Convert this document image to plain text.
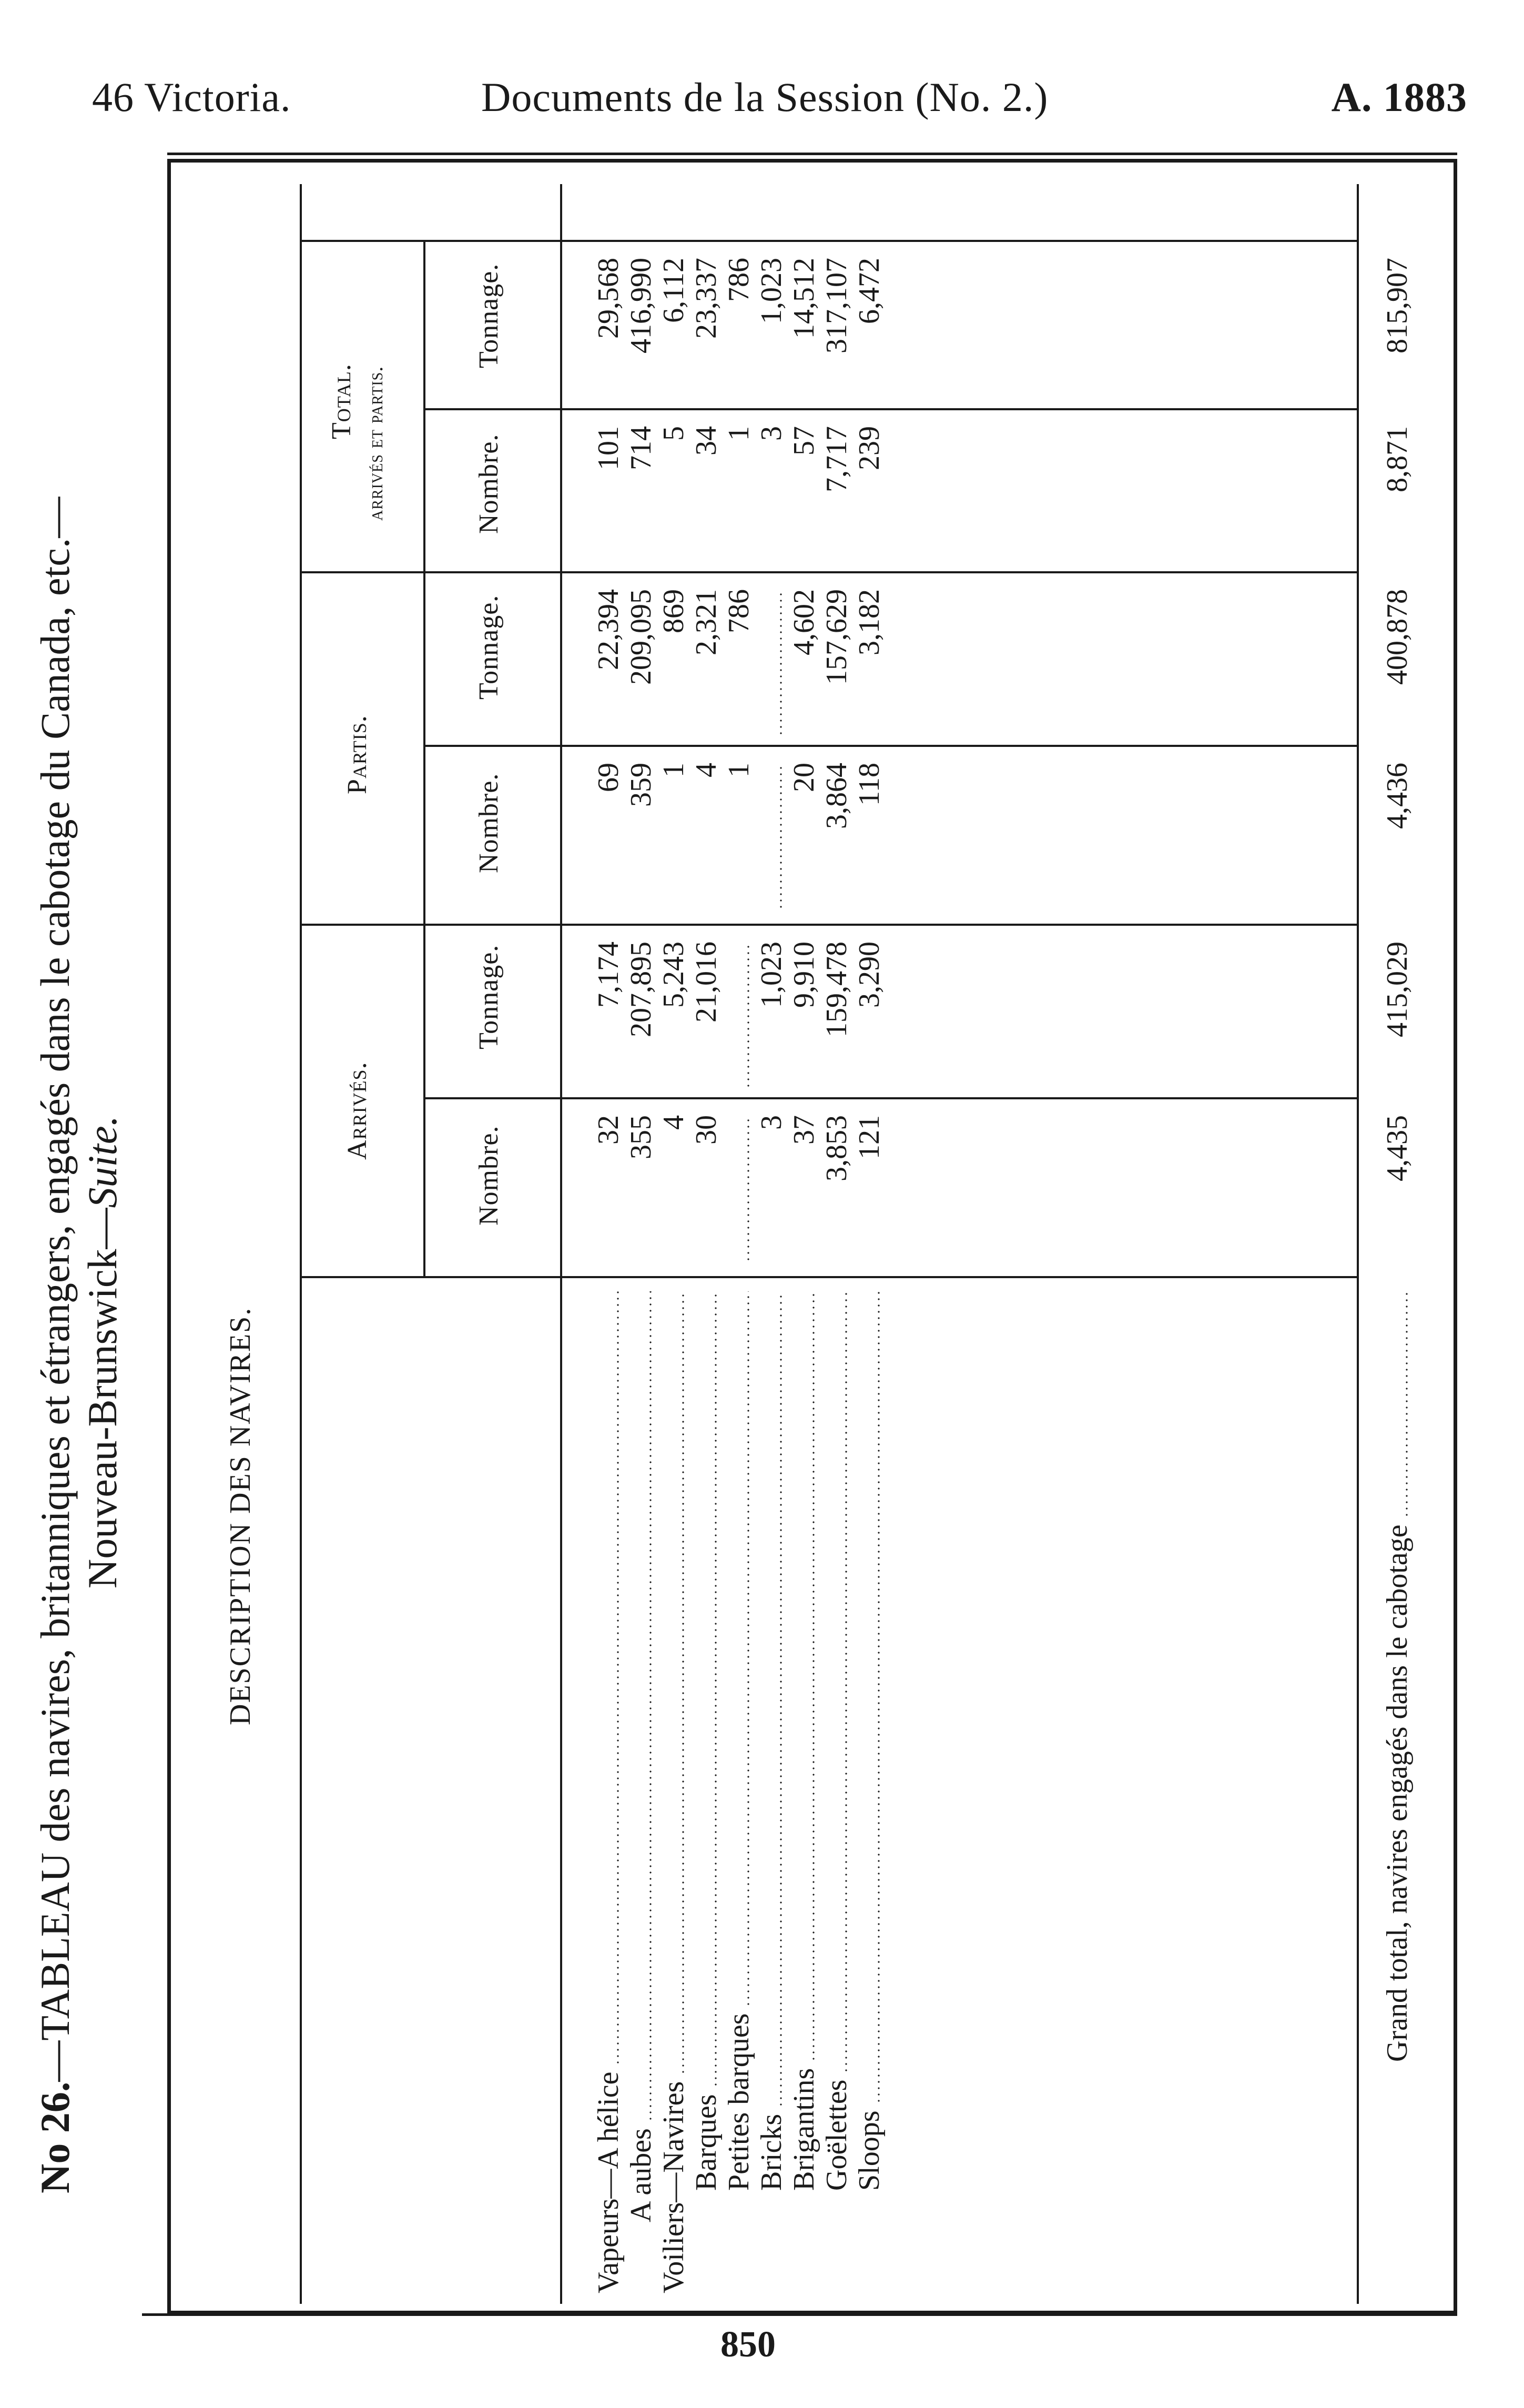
46 Victoria.	Documents de la Session (No. 2.)	A. 1883
No 26.—TABLEAU des navires, britanniques et étrangers, engagés dans le cabotage du Canada, etc.— Nouveau-Brunswick—Suite.
DESCRIPTION DES NAVIRES.
Arrivés.
Partis.
Total. arrivés et partis.
Nombre.
Tonnage.
Nombre.
Tonnage.
Nombre.
Tonnage.
Vapeurs—A hélice
32
7,174
69
22,394
101
29,568
A aubes
355
207,895
359
209,095
714
416,990
Voiliers—Navires
4
5,243
1
869
5
6,112
Barques
30
21,016
4
2,321
34
23,337
Petites barques
1
786
1
786
Bricks
3
1,023
3
1,023
Brigantins
37
9,910
20
4,602
57
14,512
Goëlettes
3,853
159,478
3,864
157,629
7,717
317,107
Sloops
121
3,290
118
3,182
239
6,472
Grand total, navires engagés dans le cabotage
4,435
415,029
4,436
400,878
8,871
815,907
850
